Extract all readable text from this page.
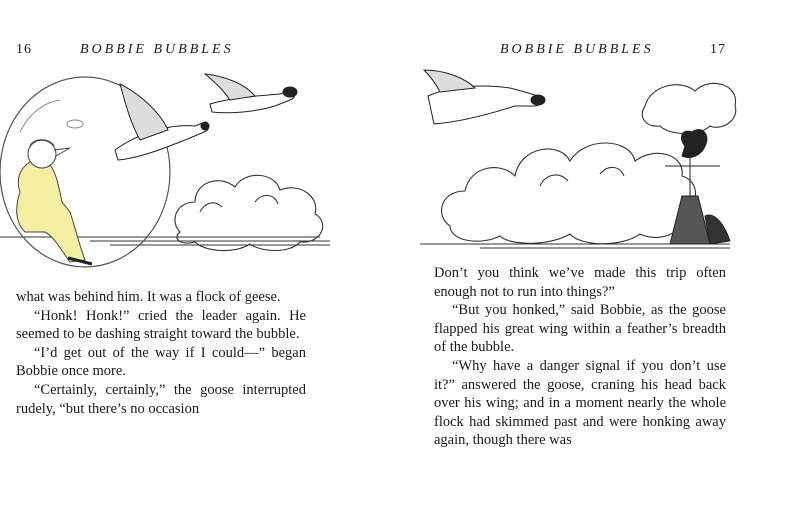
16	BOBBIE BUBBLES

what was behind him. It was a flock of geese.

“Honk! Honk!” cried the leader again. He seemed to be dashing straight toward the bubble.

“I’d get out of the way if I could—” began Bobbie once more.

“Certainly, certainly,” the goose interrupted rudely, “but there’s no occasion

BOBBIE BUBBLES	17

Don’t you think we’ve made this trip often enough not to run into things?”

“But you honked,” said Bobbie, as the goose flapped his great wing within a feather’s breadth of the bubble.

“Why have a danger signal if you don’t use it?” answered the goose, craning his head back over his wing; and in a moment nearly the whole flock had skimmed past and were honking away again, though there was
